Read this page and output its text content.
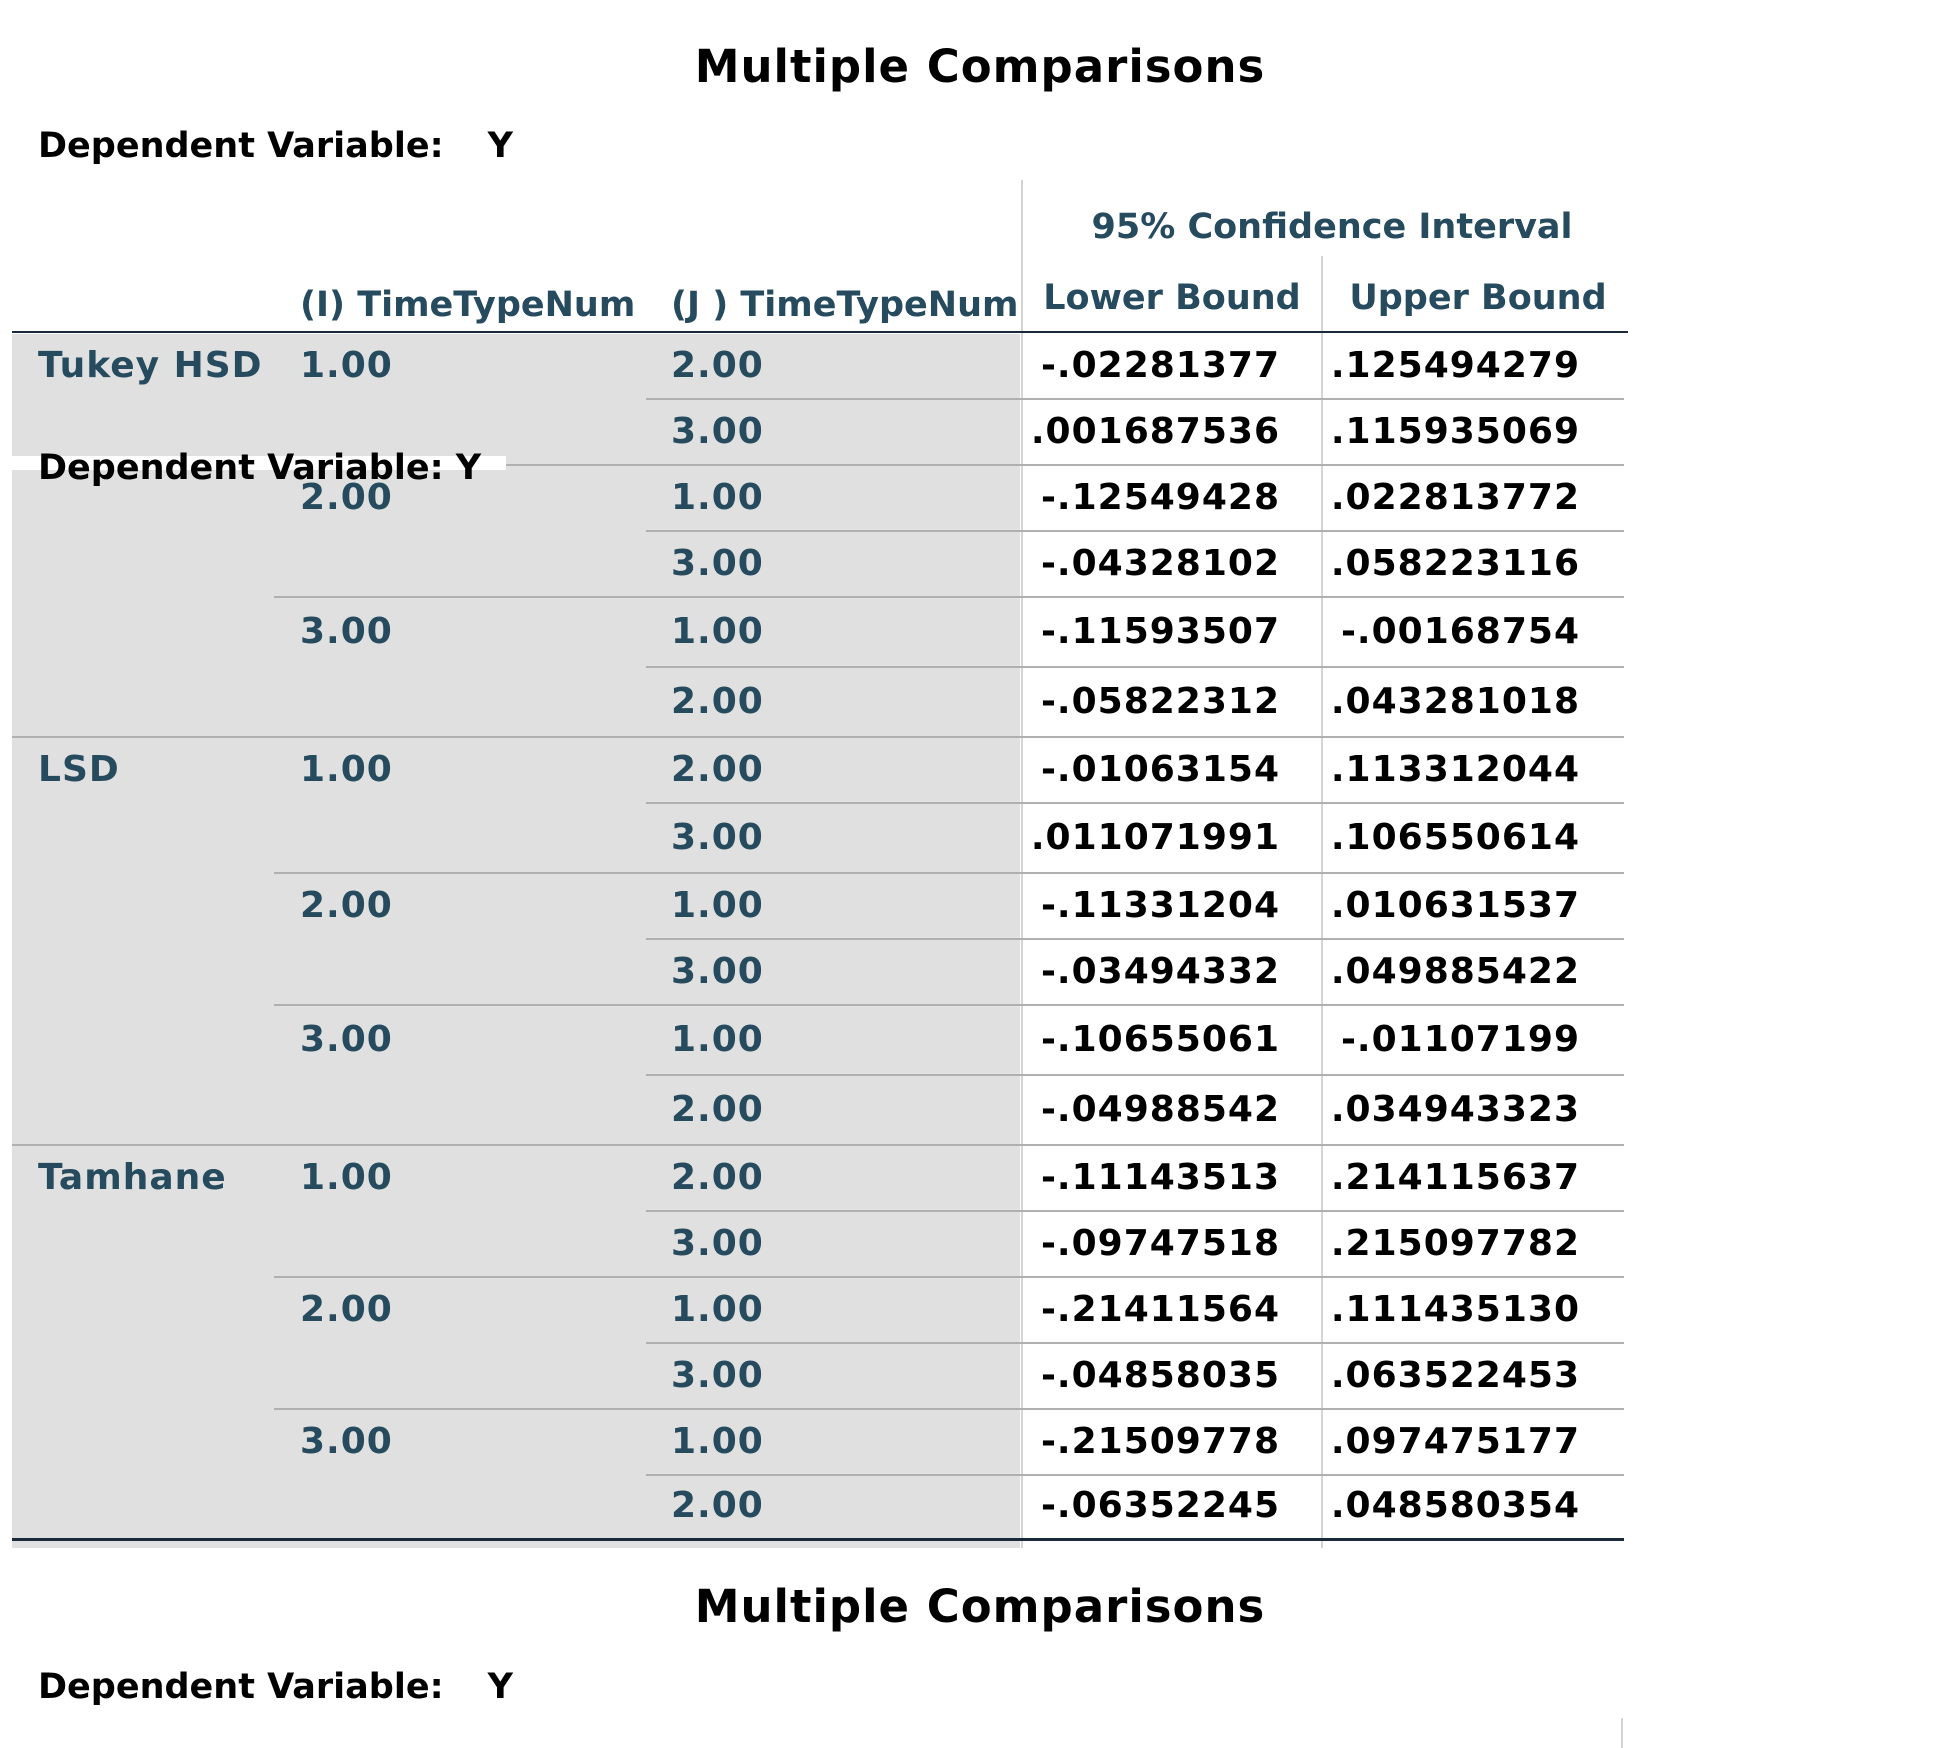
Multiple Comparisons
Dependent Variable: Y
95% Confidence Interval
(I) TimeTypeNum (J ) TimeTypeNum Lower Bound	Upper Bound
Tukey HSD 1.00	2.00	-.02281377 .125494279
3.00	.001687536 .115935069
2.00	1.00	-.12549428 .022813772
3.00	-.04328102 .058223116
3.00	1.00	-.11593507	-.00168754
2.00	-.05822312 .043281018
LSD	1.00	2.00	-.01063154 .113312044
3.00	.011071991 .106550614
2.00	1.00	-.11331204 .010631537
3.00	-.03494332 .049885422
3.00	1.00	-.10655061	-.01107199
2.00	-.04988542 .034943323
Tamhane 1.00	2.00	-.11143513 .214115637
3.00	-.09747518 .215097782
2.00	1.00	-.21411564 .111435130
3.00	-.04858035 .063522453
3.00	1.00	-.21509778 .097475177
2.00	-.06352245 .048580354
Dependent Variable: Y
Multiple Comparisons
Dependent Variable: Y
